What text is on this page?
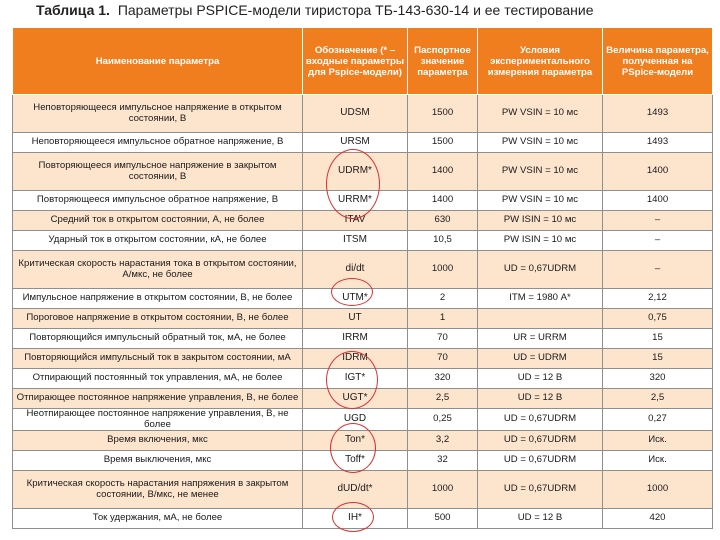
Таблица 1. Параметры PSPICE-модели тиристора ТБ-143-630-14 и ее тестирование
Наименование параметра	Обозначение (* – входные параметры для Pspice-модели)	Паспортное значение параметра	Условия экспериментального измерения параметра	Величина параметра, полученная на PSpice-модели
Неповторяющееся импульсное напряжение в открытом состоянии, В	UDSM	1500	PW VSIN = 10 мс	1493
Неповторяющееся импульсное обратное напряжение, В	URSM	1500	PW VSIN = 10 мс	1493
Повторяющееся импульсное напряжение в закрытом состоянии, В	UDRM*	1400	PW VSIN = 10 мс	1400
Повторяющееся импульсное обратное напряжение, В	URRM*	1400	PW VSIN = 10 мс	1400
Средний ток в открытом состоянии, А, не более	ITAV	630	PW ISIN = 10 мс	–
Ударный ток в открытом состоянии, кА, не более	ITSM	10,5	PW ISIN = 10 мс	–
Критическая скорость нарастания тока в открытом состоянии, А/мкс, не более	di/dt	1000	UD = 0,67UDRM	–
Импульсное напряжение в открытом состоянии, В, не более	UTM*	2	ITM = 1980 А*	2,12
Пороговое напряжение в открытом состоянии, В, не более	UT	1		0,75
Повторяющийся импульсный обратный ток, мА, не более	IRRM	70	UR = URRM	15
Повторяющийся импульсный ток в закрытом состоянии, мА	IDRM	70	UD = UDRM	15
Отпирающий постоянный ток управления, мА, не более	IGT*	320	UD = 12 В	320
Отпирающее постоянное напряжение управления, В, не более	UGT*	2,5	UD = 12 В	2,5
Неотпирающее постоянное напряжение управления, В, не более	UGD	0,25	UD = 0,67UDRM	0,27
Время включения, мкс	Ton*	3,2	UD = 0,67UDRM	Иск.
Время выключения, мкс	Toff*	32	UD = 0,67UDRM	Иск.
Критическая скорость нарастания напряжения в закрытом состоянии, В/мкс, не менее	dUD/dt*	1000	UD = 0,67UDRM	1000
Ток удержания, мА, не более	IH*	500	UD = 12 В	420
